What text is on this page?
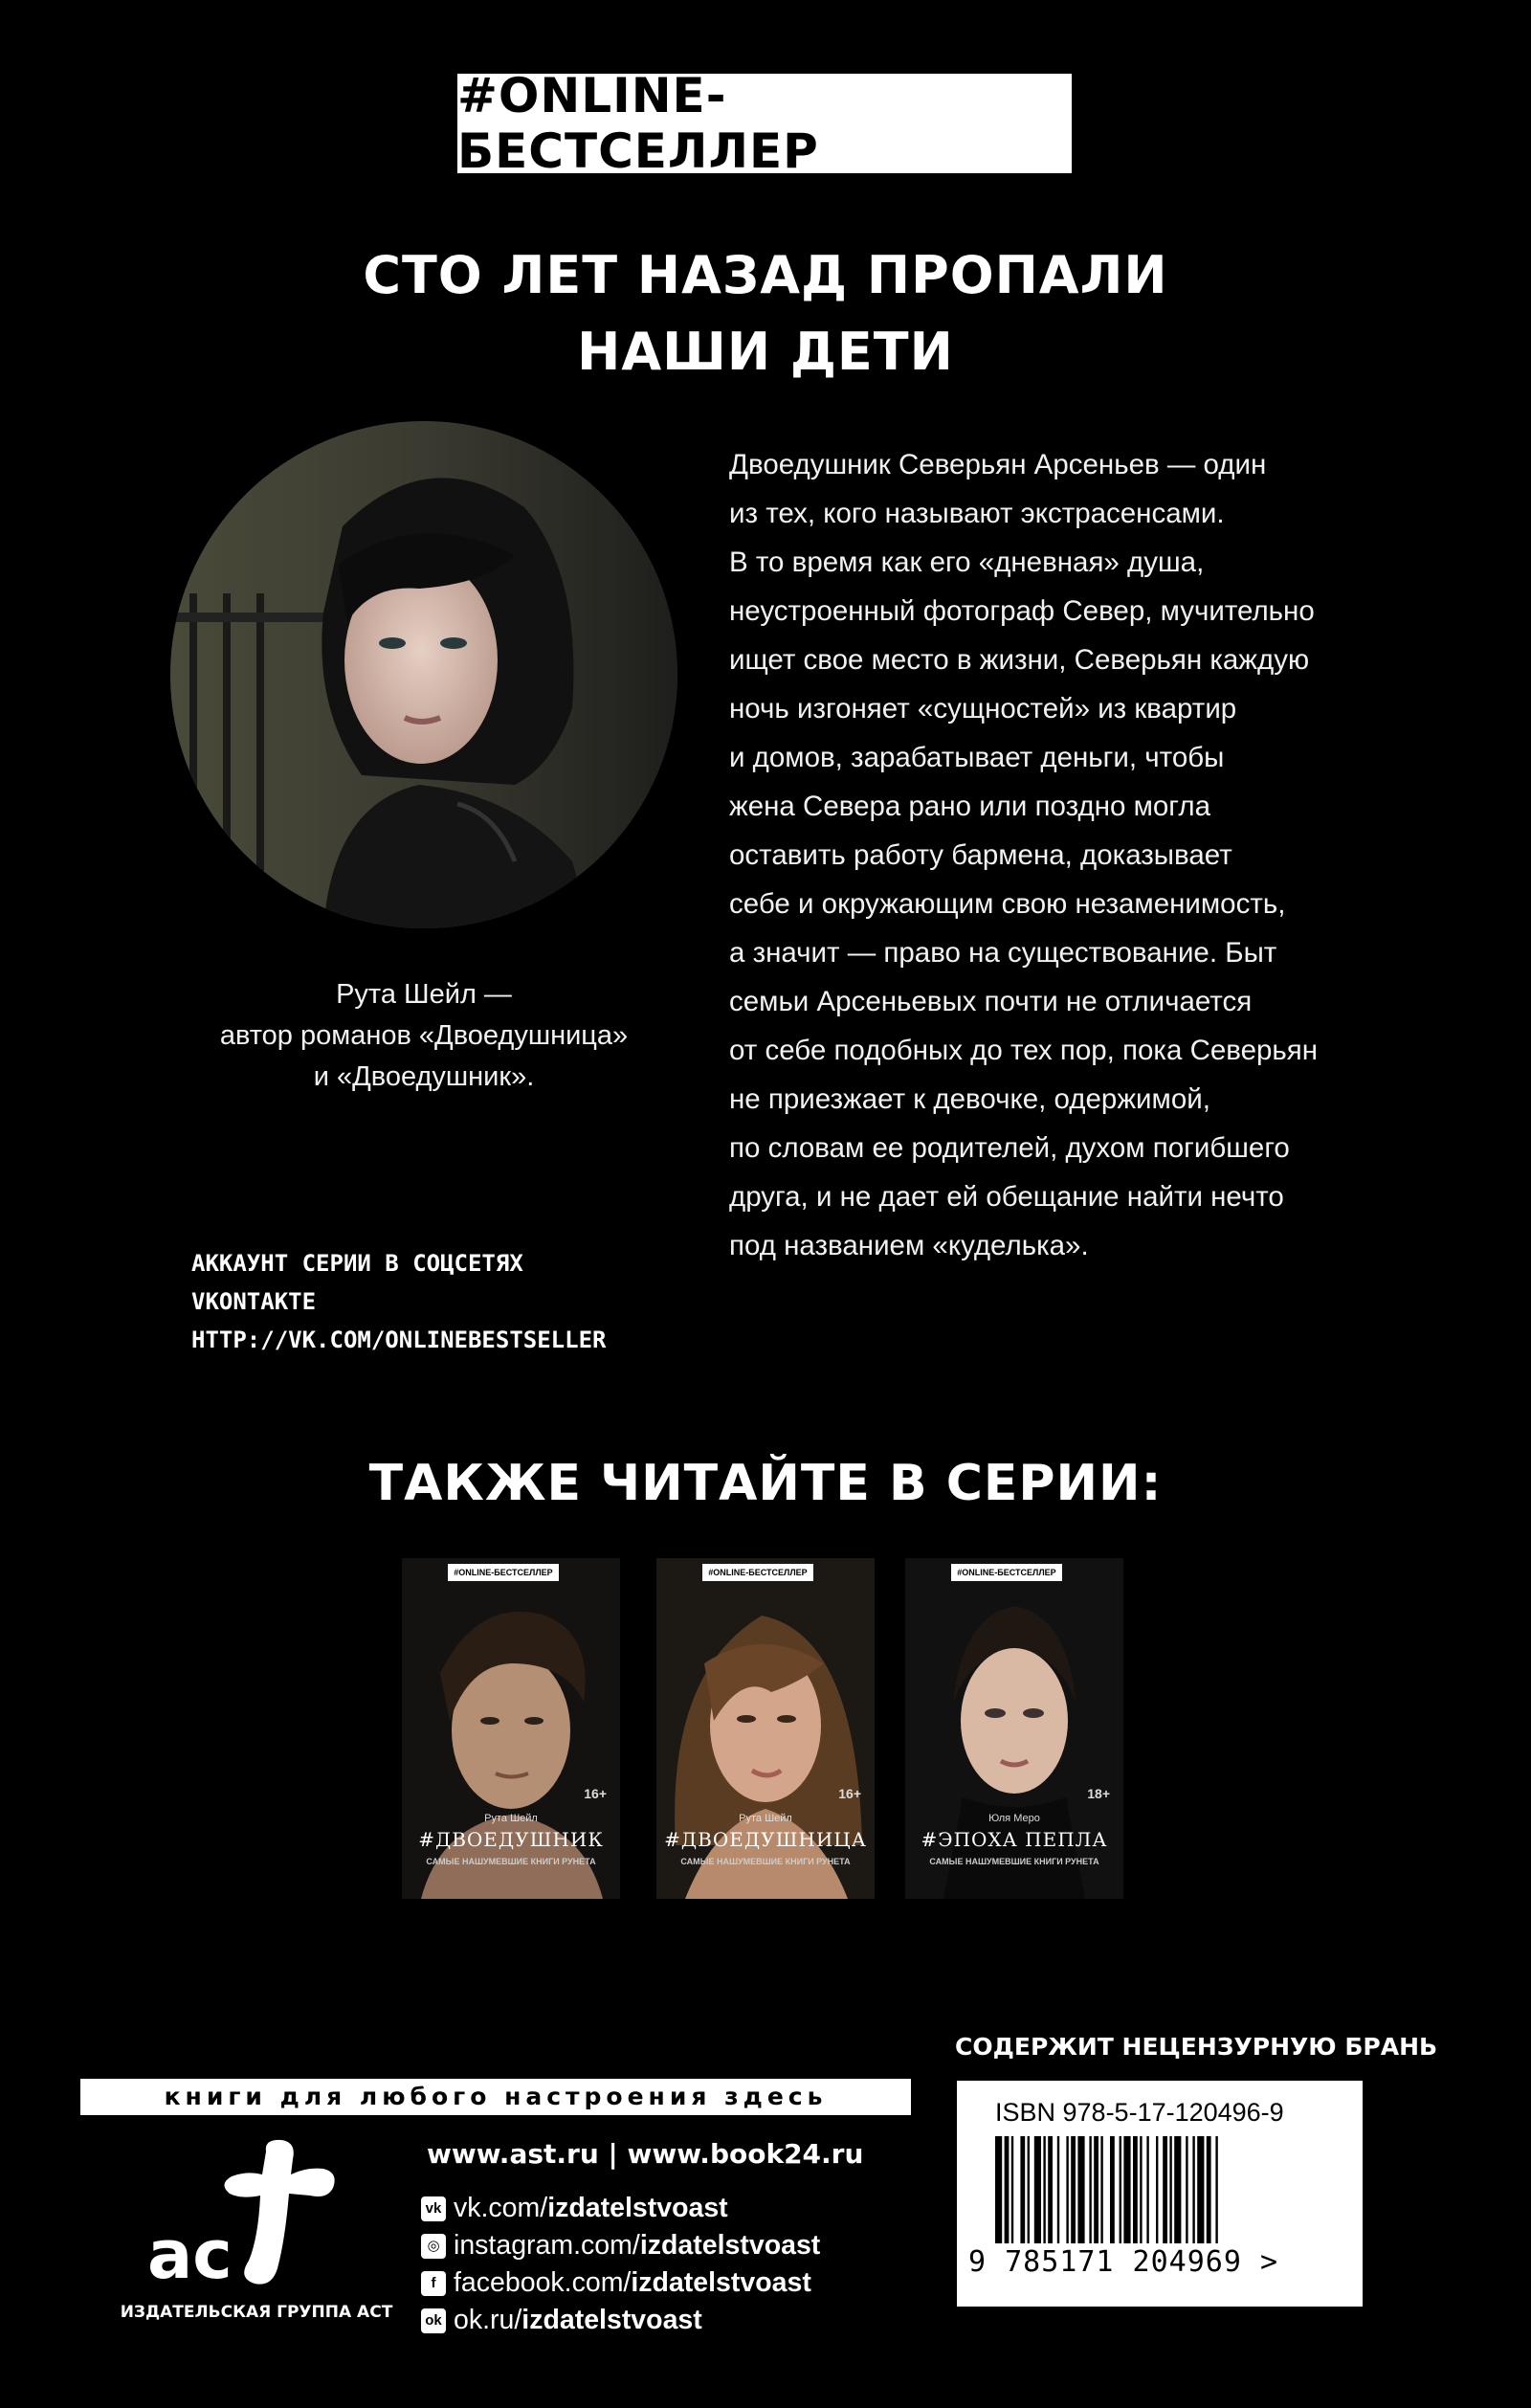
#ONLINE-БЕСТСЕЛЛЕР
СТО ЛЕТ НАЗАД ПРОПАЛИ
НАШИ ДЕТИ
Рута Шейл —
автор романов «Двоедушница»
и «Двоедушник».
Двоедушник Северьян Арсеньев — один
из тех, кого называют экстрасенсами.
В то время как его «дневная» душа,
неустроенный фотограф Север, мучительно
ищет свое место в жизни, Северьян каждую
ночь изгоняет «сущностей» из квартир
и домов, зарабатывает деньги, чтобы
жена Севера рано или поздно могла
оставить работу бармена, доказывает
себе и окружающим свою незаменимость,
а значит — право на существование. Быт
семьи Арсеньевых почти не отличается
от себе подобных до тех пор, пока Северьян
не приезжает к девочке, одержимой,
по словам ее родителей, духом погибшего
друга, и не дает ей обещание найти нечто
под названием «куделька».
АККАУНТ СЕРИИ В СОЦСЕТЯХ
VKONTAKTE
HTTP://VK.COM/ONLINEBESTSELLER
ТАКЖЕ ЧИТАЙТЕ В СЕРИИ:
#ONLINE-БЕСТСЕЛЛЕР
16+
Рута Шейл
#ДВОЕДУШНИК
САМЫЕ НАШУМЕВШИЕ КНИГИ РУНЕТА
#ONLINE-БЕСТСЕЛЛЕР
16+
Рута Шейл
#ДВОЕДУШНИЦА
САМЫЕ НАШУМЕВШИЕ КНИГИ РУНЕТА
#ONLINE-БЕСТСЕЛЛЕР
18+
Юля Меро
#ЭПОХА ПЕПЛА
САМЫЕ НАШУМЕВШИЕ КНИГИ РУНЕТА
СОДЕРЖИТ НЕЦЕНЗУРНУЮ БРАНЬ
книги для любого настроения здесь
ac
ИЗДАТЕЛЬСКАЯ ГРУППА АСТ
www.ast.ru | www.book24.ru
vk vk.com/ izdatelstvoast
◎ instagram.com/ izdatelstvoast
f facebook.com/ izdatelstvoast
ok ok.ru/ izdatelstvoast
ISBN 978-5-17-120496-9
9 785171 204969 >
